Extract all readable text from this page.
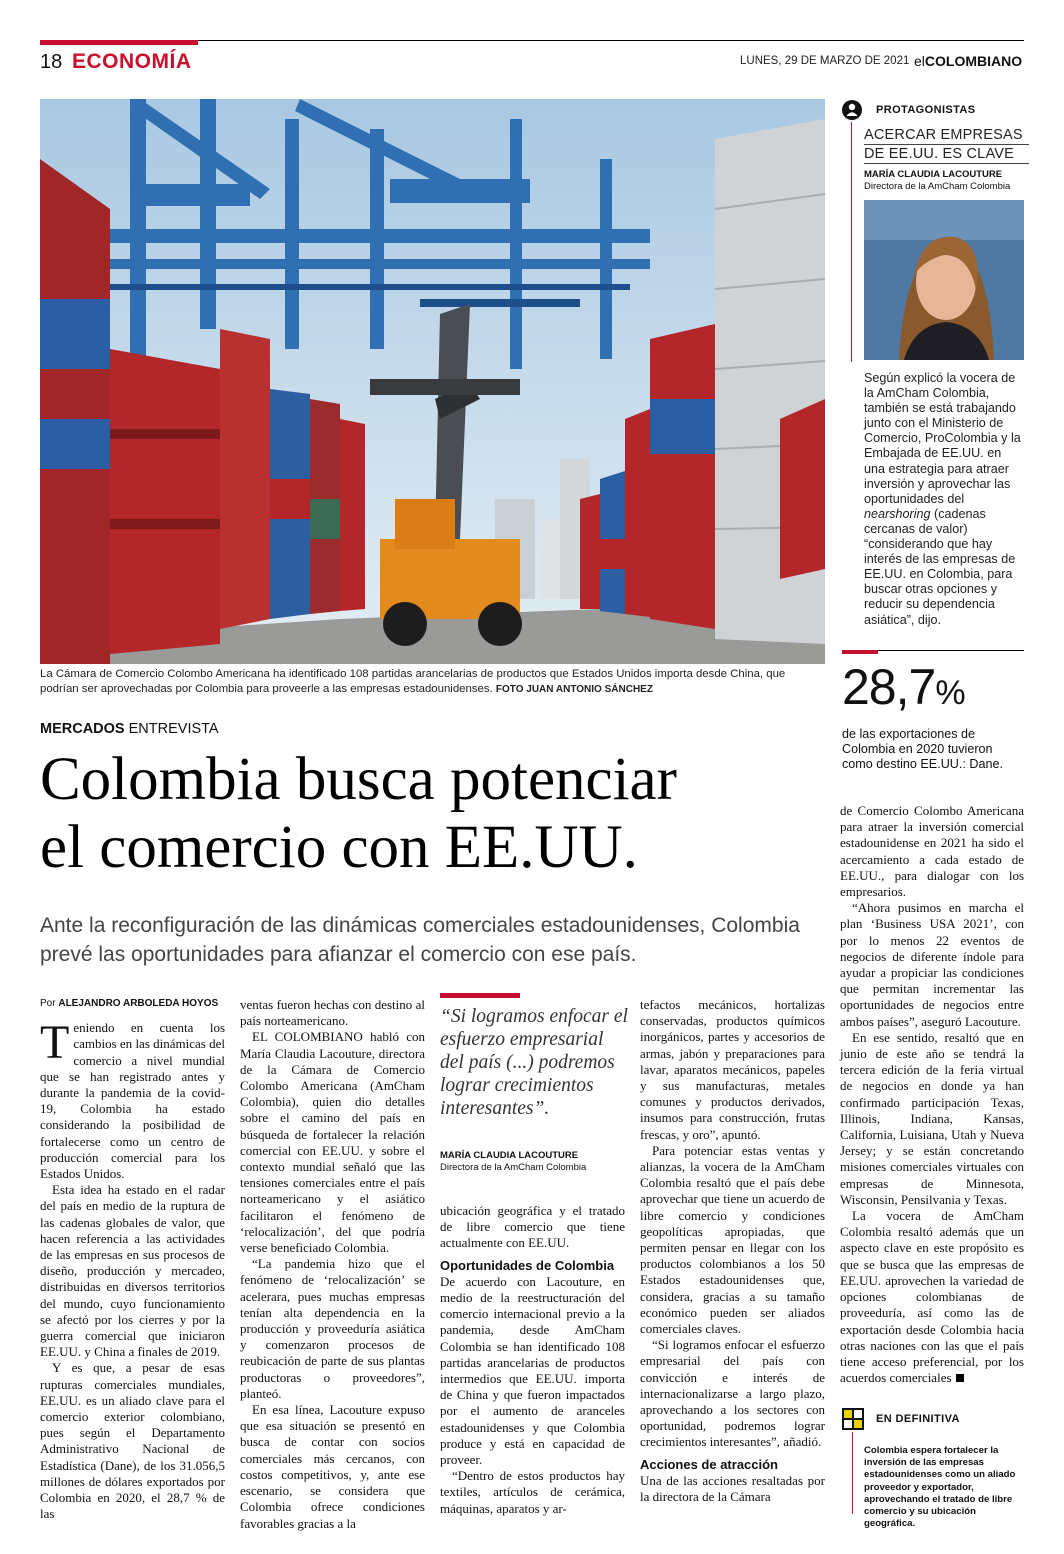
18 ECONOMÍA	LUNES, 29 DE MARZO DE 2021 elCOLOMBIANO
La Cámara de Comercio Colombo Americana ha identificado 108 partidas arancelarias de productos que Estados Unidos importa desde China, que podrían ser aprovechadas por Colombia para proveerle a las empresas estadounidenses. FOTO JUAN ANTONIO SÁNCHEZ
MERCADOS ENTREVISTA
Colombia busca potenciar
el comercio con EE.UU.
Ante la reconfiguración de las dinámicas comerciales estadounidenses, Colombia prevé las oportunidades para afianzar el comercio con ese país.
Por ALEJANDRO ARBOLEDA HOYOS

Teniendo en cuenta los cambios en las dinámicas del comercio a nivel mundial que se han registrado antes y durante la pandemia de la covid-19, Colombia ha estado considerando la posibilidad de fortalecerse como un centro de producción comercial para los Estados Unidos.

Esta idea ha estado en el radar del país en medio de la ruptura de las cadenas globales de valor, que hacen referencia a las actividades de las empresas en sus procesos de diseño, producción y mercadeo, distribuidas en diversos territorios del mundo, cuyo funcionamiento se afectó por los cierres y por la guerra comercial que iniciaron EE.UU. y China a finales de 2019.

Y es que, a pesar de esas rupturas comerciales mundiales, EE.UU. es un aliado clave para el comercio exterior colombiano, pues según el Departamento Administrativo Nacional de Estadística (Dane), de los 31.056,5 millones de dólares exportados por Colombia en 2020, el 28,7 % de las

ventas fueron hechas con destino al país norteamericano.

EL COLOMBIANO habló con María Claudia Lacouture, directora de la Cámara de Comercio Colombo Americana (AmCham Colombia), quien dio detalles sobre el camino del país en búsqueda de fortalecer la relación comercial con EE.UU. y sobre el contexto mundial señaló que las tensiones comerciales entre el país norteamericano y el asiático facilitaron el fenómeno de ‘relocalización’, del que podría verse beneficiado Colombia.

“La pandemia hizo que el fenómeno de ‘relocalización’ se acelerara, pues muchas empresas tenían alta dependencia en la producción y proveeduría asiática y comenzaron procesos de reubicación de parte de sus plantas productoras o proveedores”, planteó.

En esa línea, Lacouture expuso que esa situación se presentó en busca de contar con socios comerciales más cercanos, con costos competitivos, y, ante ese escenario, se considera que Colombia ofrece condiciones favorables gracias a la

“Si logramos enfocar el esfuerzo empresarial del país (...) podremos lograr crecimientos interesantes”.
MARÍA CLAUDIA LACOUTURE
Directora de la AmCham Colombia

ubicación geográfica y el tratado de libre comercio que tiene actualmente con EE.UU.

Oportunidades de Colombia

De acuerdo con Lacouture, en medio de la reestructuración del comercio internacional previo a la pandemia, desde AmCham Colombia se han identificado 108 partidas arancelarias de productos intermedios que EE.UU. importa de China y que fueron impactados por el aumento de aranceles estadounidenses y que Colombia produce y está en capacidad de proveer.

“Dentro de estos productos hay textiles, artículos de cerámica, máquinas, aparatos y ar-

tefactos mecánicos, hortalizas conservadas, productos químicos inorgánicos, partes y accesorios de armas, jabón y preparaciones para lavar, aparatos mecánicos, papeles y sus manufacturas, metales comunes y productos derivados, insumos para construcción, frutas frescas, y oro”, apuntó.

Para potenciar estas ventas y alianzas, la vocera de la AmCham Colombia resaltó que el país debe aprovechar que tiene un acuerdo de libre comercio y condiciones geopolíticas apropiadas, que permiten pensar en llegar con los productos colombianos a los 50 Estados estadounidenses que, considera, gracias a su tamaño económico pueden ser aliados comerciales claves.

“Si logramos enfocar el esfuerzo empresarial del país con convicción e interés de internacionalizarse a largo plazo, aprovechando a los sectores con oportunidad, podremos lograr crecimientos interesantes”, añadió.

Acciones de atracción

Una de las acciones resaltadas por la directora de la Cámara

de Comercio Colombo Americana para atraer la inversión comercial estadounidense en 2021 ha sido el acercamiento a cada estado de EE.UU., para dialogar con los empresarios.

“Ahora pusimos en marcha el plan ‘Business USA 2021’, con por lo menos 22 eventos de negocios de diferente índole para ayudar a propiciar las condiciones que permitan incrementar las oportunidades de negocios entre ambos países”, aseguró Lacouture.

En ese sentido, resaltó que en junio de este año se tendrá la tercera edición de la feria virtual de negocios en donde ya han confirmado participación Texas, Illinois, Indiana, Kansas, California, Luisiana, Utah y Nueva Jersey; y se están concretando misiones comerciales virtuales con empresas de Minnesota, Wisconsin, Pensilvania y Texas.

La vocera de AmCham Colombia resaltó además que un aspecto clave en este propósito es que se busca que las empresas de EE.UU. aprovechen la variedad de opciones colombianas de proveeduría, así como las de exportación desde Colombia hacia otras naciones con las que el país tiene acceso preferencial, por los acuerdos comerciales

PROTAGONISTAS
ACERCAR EMPRESAS
DE EE.UU. ES CLAVE
MARÍA CLAUDIA LACOUTURE
Directora de la AmCham Colombia
Según explicó la vocera de la AmCham Colombia, también se está trabajando junto con el Ministerio de Comercio, ProColombia y la Embajada de EE.UU. en una estrategia para atraer inversión y aprovechar las oportunidades del nearshoring (cadenas cercanas de valor) “considerando que hay interés de las empresas de EE.UU. en Colombia, para buscar otras opciones y reducir su dependencia asiática”, dijo.
28,7%
de las exportaciones de Colombia en 2020 tuvieron como destino EE.UU.: Dane.
EN DEFINITIVA
Colombia espera fortalecer la inversión de las empresas estadounidenses como un aliado proveedor y exportador, aprovechando el tratado de libre comercio y su ubicación geográfica.
